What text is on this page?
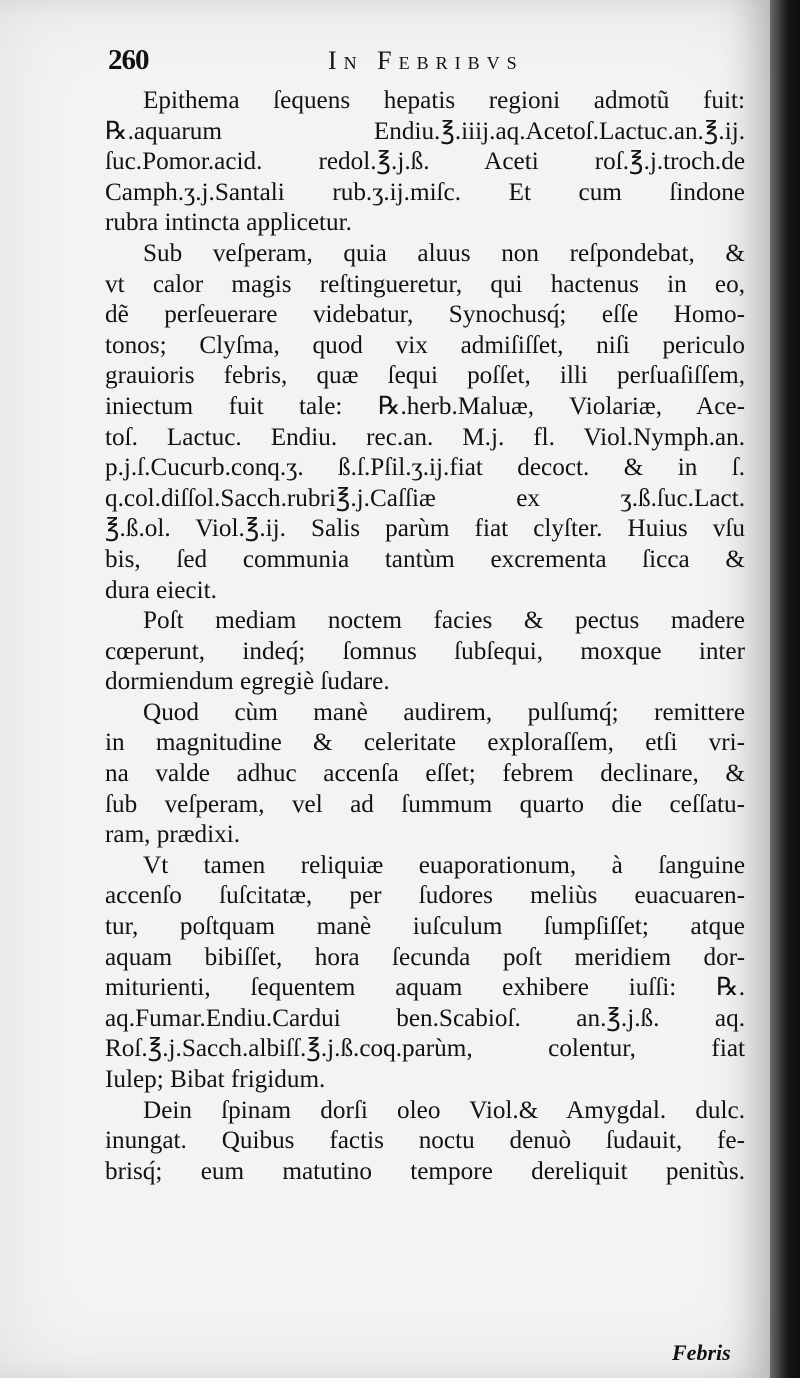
260	In Febribvs
Epithema ſequens hepatis regioni admotũ fuit:
℞.aquarum Endiu.℥.iiij.aq.Acetoſ.Lactuc.an.℥.ij.
ſuc.Pomor.acid. redol.℥.j.ß. Aceti roſ.℥.j.troch.de
Camph.ʒ.j.Santali rub.ʒ.ij.miſc. Et cum ſindone
rubra intincta applicetur.
Sub veſperam, quia aluus non reſpondebat, &
vt calor magis reſtingueretur, qui hactenus in eo,
dẽ perſeuerare videbatur, Synochusq́; eſſe Homo-
tonos; Clyſma, quod vix admiſiſſet, niſi periculo
grauioris febris, quæ ſequi poſſet, illi perſuaſiſſem,
iniectum fuit tale: ℞.herb.Maluæ, Violariæ, Ace-
toſ. Lactuc. Endiu. rec.an. M.j. fl. Viol.Nymph.an.
p.j.ſ.Cucurb.conq.ʒ. ß.ſ.Pſil.ʒ.ij.fiat decoct. & in ſ.
q.col.diſſol.Sacch.rubri℥.j.Caſſiæ ex ʒ.ß.ſuc.Lact.
℥.ß.ol. Viol.℥.ij. Salis parùm fiat clyſter. Huius vſu
bis, ſed communia tantùm excrementa ſicca &
dura eiecit.
Poſt mediam noctem facies & pectus madere
cœperunt, indeq́; ſomnus ſubſequi, moxque inter
dormiendum egregiè ſudare.
Quod cùm manè audirem, pulſumq́; remittere
in magnitudine & celeritate exploraſſem, etſi vri-
na valde adhuc accenſa eſſet; febrem declinare, &
ſub veſperam, vel ad ſummum quarto die ceſſatu-
ram, prædixi.
Vt tamen reliquiæ euaporationum, à ſanguine
accenſo ſuſcitatæ, per ſudores meliùs euacuaren-
tur, poſtquam manè iuſculum ſumpſiſſet; atque
aquam bibiſſet, hora ſecunda poſt meridiem dor-
miturienti, ſequentem aquam exhibere iuſſi: ℞.
aq.Fumar.Endiu.Cardui ben.Scabioſ. an.℥.j.ß. aq.
Roſ.℥.j.Sacch.albiſſ.℥.j.ß.coq.parùm, colentur, fiat
Iulep; Bibat frigidum.
Dein ſpinam dorſi oleo Viol.& Amygdal. dulc.
inungat. Quibus factis noctu denuò ſudauit, fe-
brisq́; eum matutino tempore dereliquit penitùs.
Febris
